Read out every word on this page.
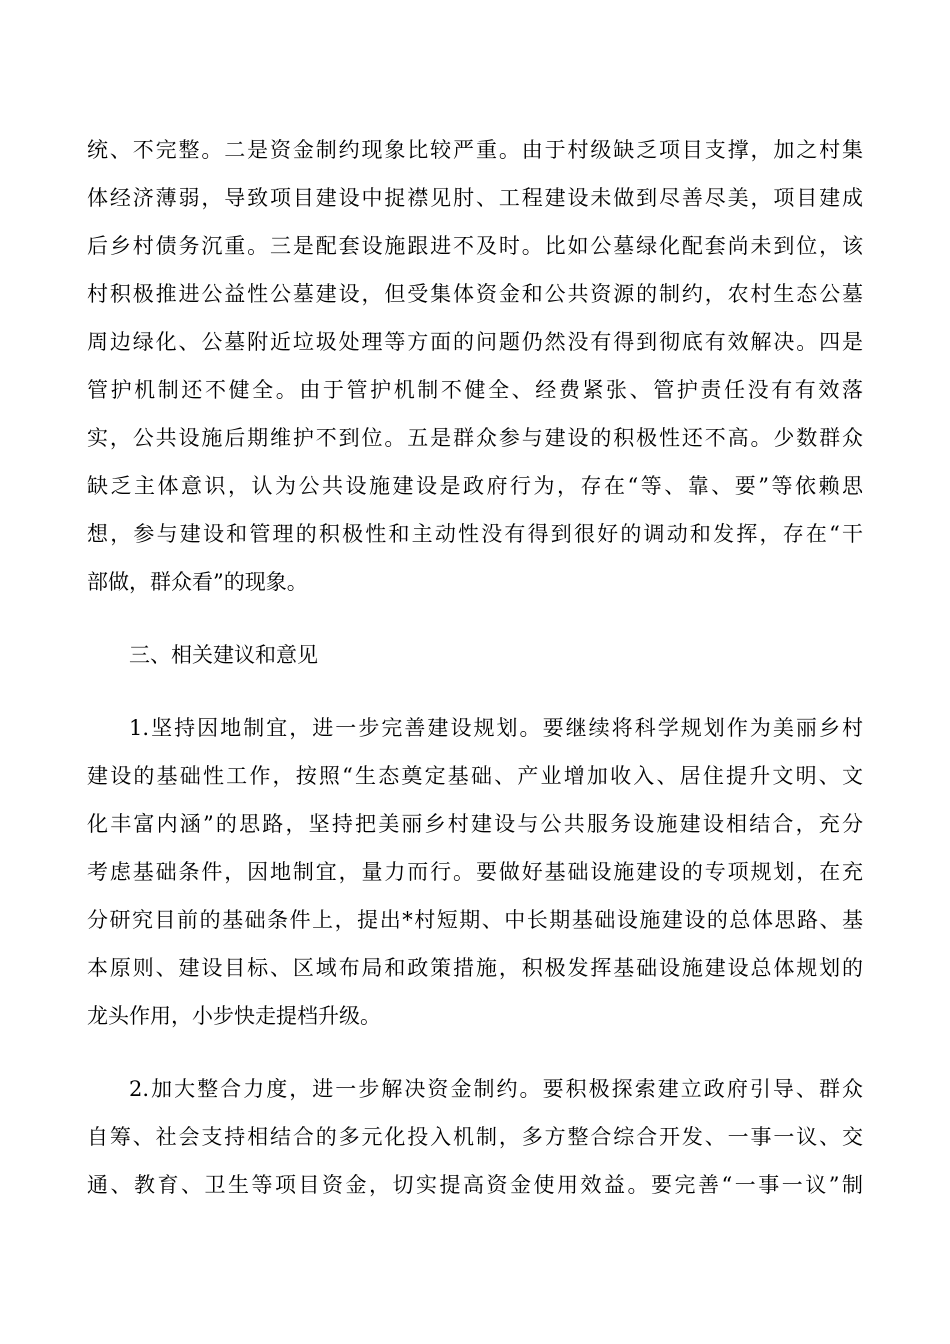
统、不完整。二是资金制约现象比较严重。由于村级缺乏项目支撑，加之村集
体经济薄弱，导致项目建设中捉襟见肘、工程建设未做到尽善尽美，项目建成
后乡村债务沉重。三是配套设施跟进不及时。比如公墓绿化配套尚未到位，该
村积极推进公益性公墓建设，但受集体资金和公共资源的制约，农村生态公墓
周边绿化、公墓附近垃圾处理等方面的问题仍然没有得到彻底有效解决。四是
管护机制还不健全。由于管护机制不健全、经费紧张、管护责任没有有效落
实，公共设施后期维护不到位。五是群众参与建设的积极性还不高。少数群众
缺乏主体意识，认为公共设施建设是政府行为，存在“等、靠、要”等依赖思
想，参与建设和管理的积极性和主动性没有得到很好的调动和发挥，存在“干
部做，群众看”的现象。
三、相关建议和意见
1.坚持因地制宜，进一步完善建设规划。要继续将科学规划作为美丽乡村
建设的基础性工作，按照“生态奠定基础、产业增加收入、居住提升文明、文
化丰富内涵”的思路，坚持把美丽乡村建设与公共服务设施建设相结合，充分
考虑基础条件，因地制宜，量力而行。要做好基础设施建设的专项规划，在充
分研究目前的基础条件上，提出*村短期、中长期基础设施建设的总体思路、基
本原则、建设目标、区域布局和政策措施，积极发挥基础设施建设总体规划的
龙头作用，小步快走提档升级。
2.加大整合力度，进一步解决资金制约。要积极探索建立政府引导、群众
自筹、社会支持相结合的多元化投入机制，多方整合综合开发、一事一议、交
通、教育、卫生等项目资金，切实提高资金使用效益。要完善“一事一议”制
